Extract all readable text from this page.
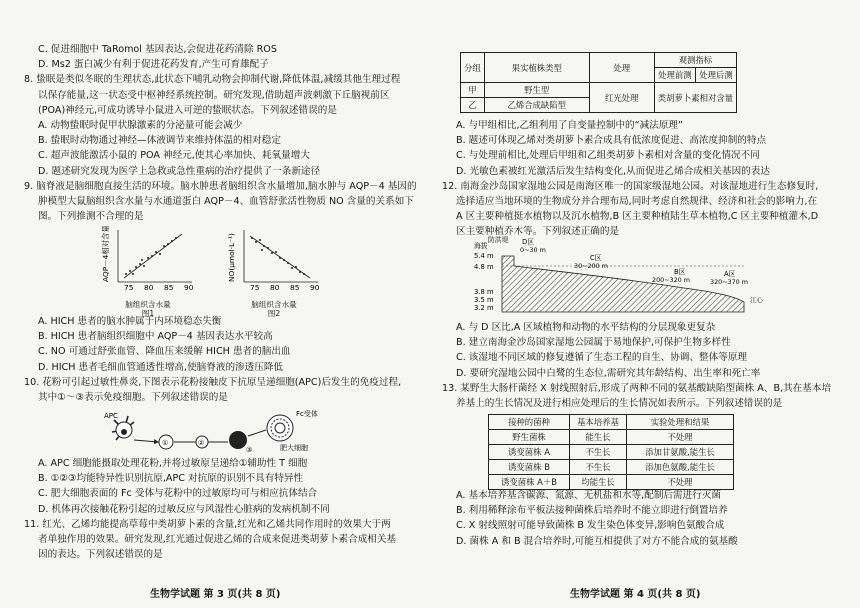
C. 促进细胞中 TaRomol 基因表达,会促进花药清除 ROS

D. Ms2 蛋白减少有利于促进花药发育,产生可育雄配子

8. 蛰眠是类似冬眠的生理状态,此状态下哺乳动物会抑制代谢,降低体温,减缓其他生理过程

以保存能量,这一状态受中枢神经系统控制。研究发现,借助超声波刺激下丘脑视前区

(POA)神经元,可成功诱导小鼠进入可逆的蛰眠状态。下列叙述错误的是

A. 动物蛰眠时促甲状腺激素的分泌量可能会减少

B. 蛰眠时动物通过神经—体液调节来维持体温的相对稳定

C. 超声波能激活小鼠的 POA 神经元,使其心率加快、耗氧量增大

D. 题述研究发现为医学上急救或急性重病的治疗提供了一条新途径

9. 脑脊液是脑细胞直接生活的环境。脑水肿患者脑组织含水量增加,脑水肿与 AQP－4 基因的

肿模型大鼠脑组织含水量与水通道蛋白 AQP－4、血管舒张活性物质 NO 含量的关系如下

图。下列推测不合理的是

75 80 85 90
AQP－4相对含量
脑组织含水量
图1
75 80 85 90
NO(μmol·L⁻¹)
脑组织含水量
图2

A. HICH 患者的脑水肿属于内环境稳态失衡

B. HICH 患者脑组织细胞中 AQP－4 基因表达水平较高

C. NO 可通过舒张血管、降血压来缓解 HICH 患者的脑出血

D. HICH 患者毛细血管通透性增高,使脑脊液的渗透压降低

10. 花粉可引起过敏性鼻炎,下图表示花粉接触皮下抗原呈递细胞(APC)后发生的免疫过程,

其中①～③表示免疫细胞。下列叙述错误的是

APC
①	②
③
Fc受体
肥大细胞

A. APC 细胞能摄取处理花粉,并将过敏原呈递给①辅助性 T 细胞

B. ①②③均能特异性识别抗原,APC 对抗原的识别不具有特异性

C. 肥大细胞表面的 Fc 受体与花粉中的过敏原均可与相应抗体结合

D. 机体再次接触花粉引起的过敏反应与风湿性心脏病的发病机制不同

11. 红光、乙烯均能提高草莓中类胡萝卜素的含量,红光和乙烯共同作用时的效果大于两

者单独作用的效果。研究发现,红光通过促进乙烯的合成来促进类胡萝卜素合成相关基

因的表达。下列叙述错误的是

生物学试题 第 3 页(共 8 页)
分组	果实植株类型	处理	观测指标	
			处理前测	处理后测
甲	野生型	红光处理	类胡萝卜素相对含量	
乙	乙烯合成缺陷型			

A. 与甲组相比,乙组利用了自变量控制中的“减法原理”

B. 题述可体现乙烯对类胡萝卜素合成具有低浓度促进、高浓度抑制的特点

C. 与处理前相比,处理后甲组和乙组类胡萝卜素相对含量的变化情况不同

D. 光敏色素被红光激活后发生结构变化,从而促进乙烯合成相关基因的表达

12. 南海金沙岛国家湿地公园是南海区唯一的国家级湿地公园。对该湿地进行生态修复时,

选择适应当地环境的生物成分并合理布局,同时考虑自然规律、经济和社会的影响力,在

A 区主要种植挺水植物以及沉水植物,B 区主要种植陆生草本植物,C 区主要种植灌木,D

区主要种植乔木等。下列叙述正确的是

防洪堤
海拔
5.4 m
4.8 m
3.8 m
3.5 m
3.2 m
D区
0~30 m
C区
30~200 m
B区
200~320 m
A区
320~370 m
江心

A. 与 D 区比,A 区域植物和动物的水平结构的分层现象更复杂

B. 建立南海金沙岛国家湿地公园属于易地保护,可保护生物多样性

C. 该湿地不同区域的修复遵循了生态工程的自生、协调、整体等原理

D. 要研究湿地公园中白鹭的生态位,需研究其年龄结构、出生率和死亡率

13. 某野生大肠杆菌经 X 射线照射后,形成了两种不同的氨基酸缺陷型菌株 A、B,其在基本培

养基上的生长情况及进行相应处理后的生长情况如表所示。下列叙述错误的是

接种的菌种	基本培养基	实验处理和结果
野生菌株	能生长	不处理
诱变菌株 A	不生长	添加甘氨酸,能生长
诱变菌株 B	不生长	添加色氨酸,能生长
诱变菌株 A＋B	均能生长	不处理

A. 基本培养基含碳源、氮源、无机盐和水等,配制后需进行灭菌

B. 利用稀释涂布平板法接种菌株后培养时不能立即进行倒置培养

C. X 射线照射可能导致菌株 B 发生染色体变异,影响色氨酸合成

D. 菌株 A 和 B 混合培养时,可能互相提供了对方不能合成的氨基酸

生物学试题 第 4 页(共 8 页)
